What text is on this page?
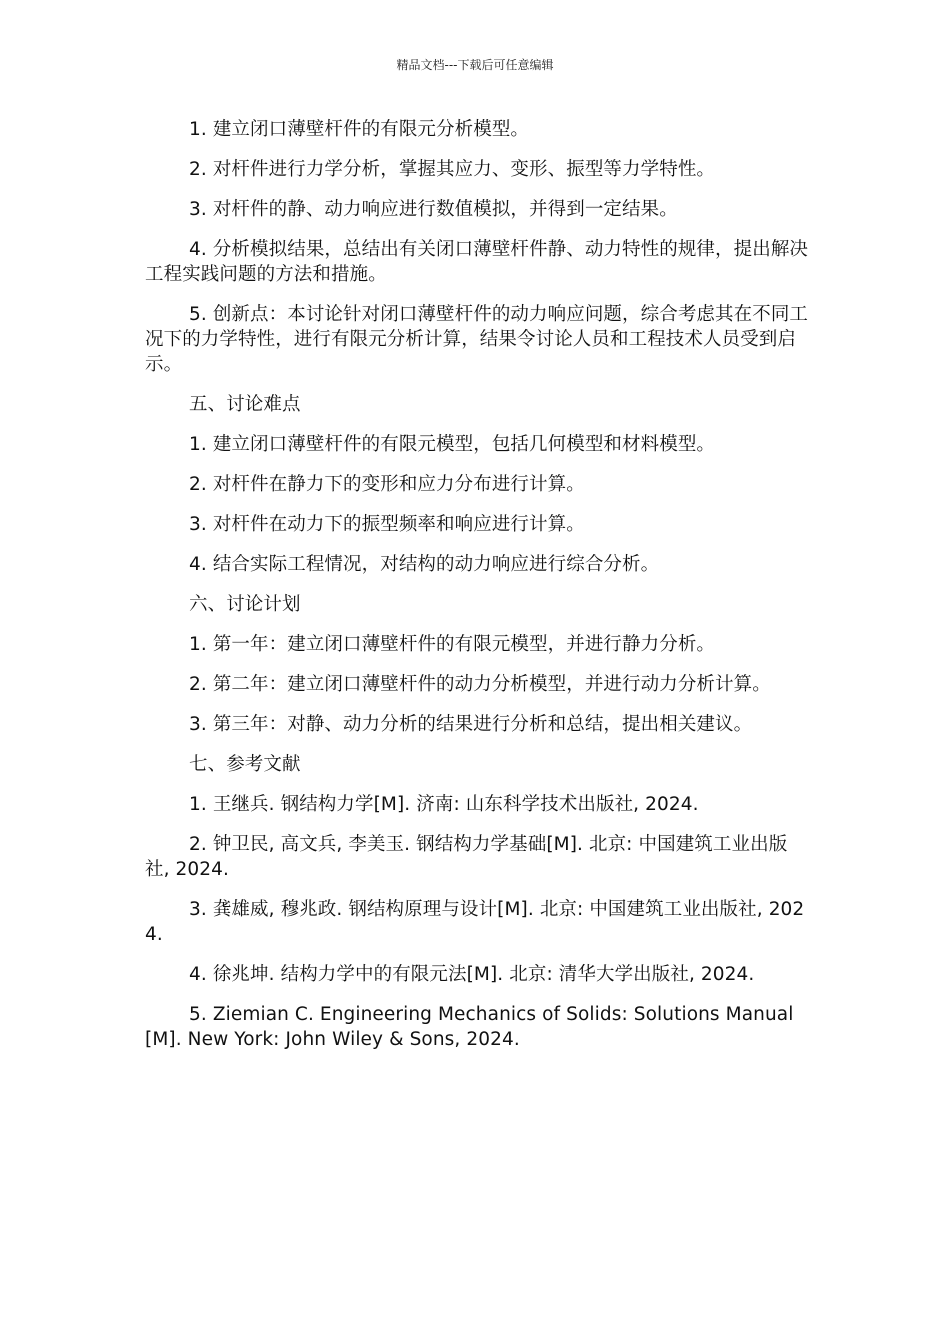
精品文档---下载后可任意编辑

1. 建立闭口薄壁杆件的有限元分析模型。

2. 对杆件进行力学分析，掌握其应力、变形、振型等力学特性。

3. 对杆件的静、动力响应进行数值模拟，并得到一定结果。

4. 分析模拟结果，总结出有关闭口薄壁杆件静、动力特性的规律，提出解决工程实践问题的方法和措施。

5. 创新点：本讨论针对闭口薄壁杆件的动力响应问题，综合考虑其在不同工况下的力学特性，进行有限元分析计算，结果令讨论人员和工程技术人员受到启示。

五、讨论难点

1. 建立闭口薄壁杆件的有限元模型，包括几何模型和材料模型。

2. 对杆件在静力下的变形和应力分布进行计算。

3. 对杆件在动力下的振型频率和响应进行计算。

4. 结合实际工程情况，对结构的动力响应进行综合分析。

六、讨论计划

1. 第一年：建立闭口薄壁杆件的有限元模型，并进行静力分析。

2. 第二年：建立闭口薄壁杆件的动力分析模型，并进行动力分析计算。

3. 第三年：对静、动力分析的结果进行分析和总结，提出相关建议。

七、参考文献

1. 王继兵. 钢结构力学[M]. 济南: 山东科学技术出版社, 2024.

2. 钟卫民, 高文兵, 李美玉. 钢结构力学基础[M]. 北京: 中国建筑工业出版社, 2024.

3. 龚雄威, 穆兆政. 钢结构原理与设计[M]. 北京: 中国建筑工业出版社, 2024.

4. 徐兆坤. 结构力学中的有限元法[M]. 北京: 清华大学出版社, 2024.

5. Ziemian C. Engineering Mechanics of Solids: Solutions Manual[M]. New York: John Wiley & Sons, 2024.
